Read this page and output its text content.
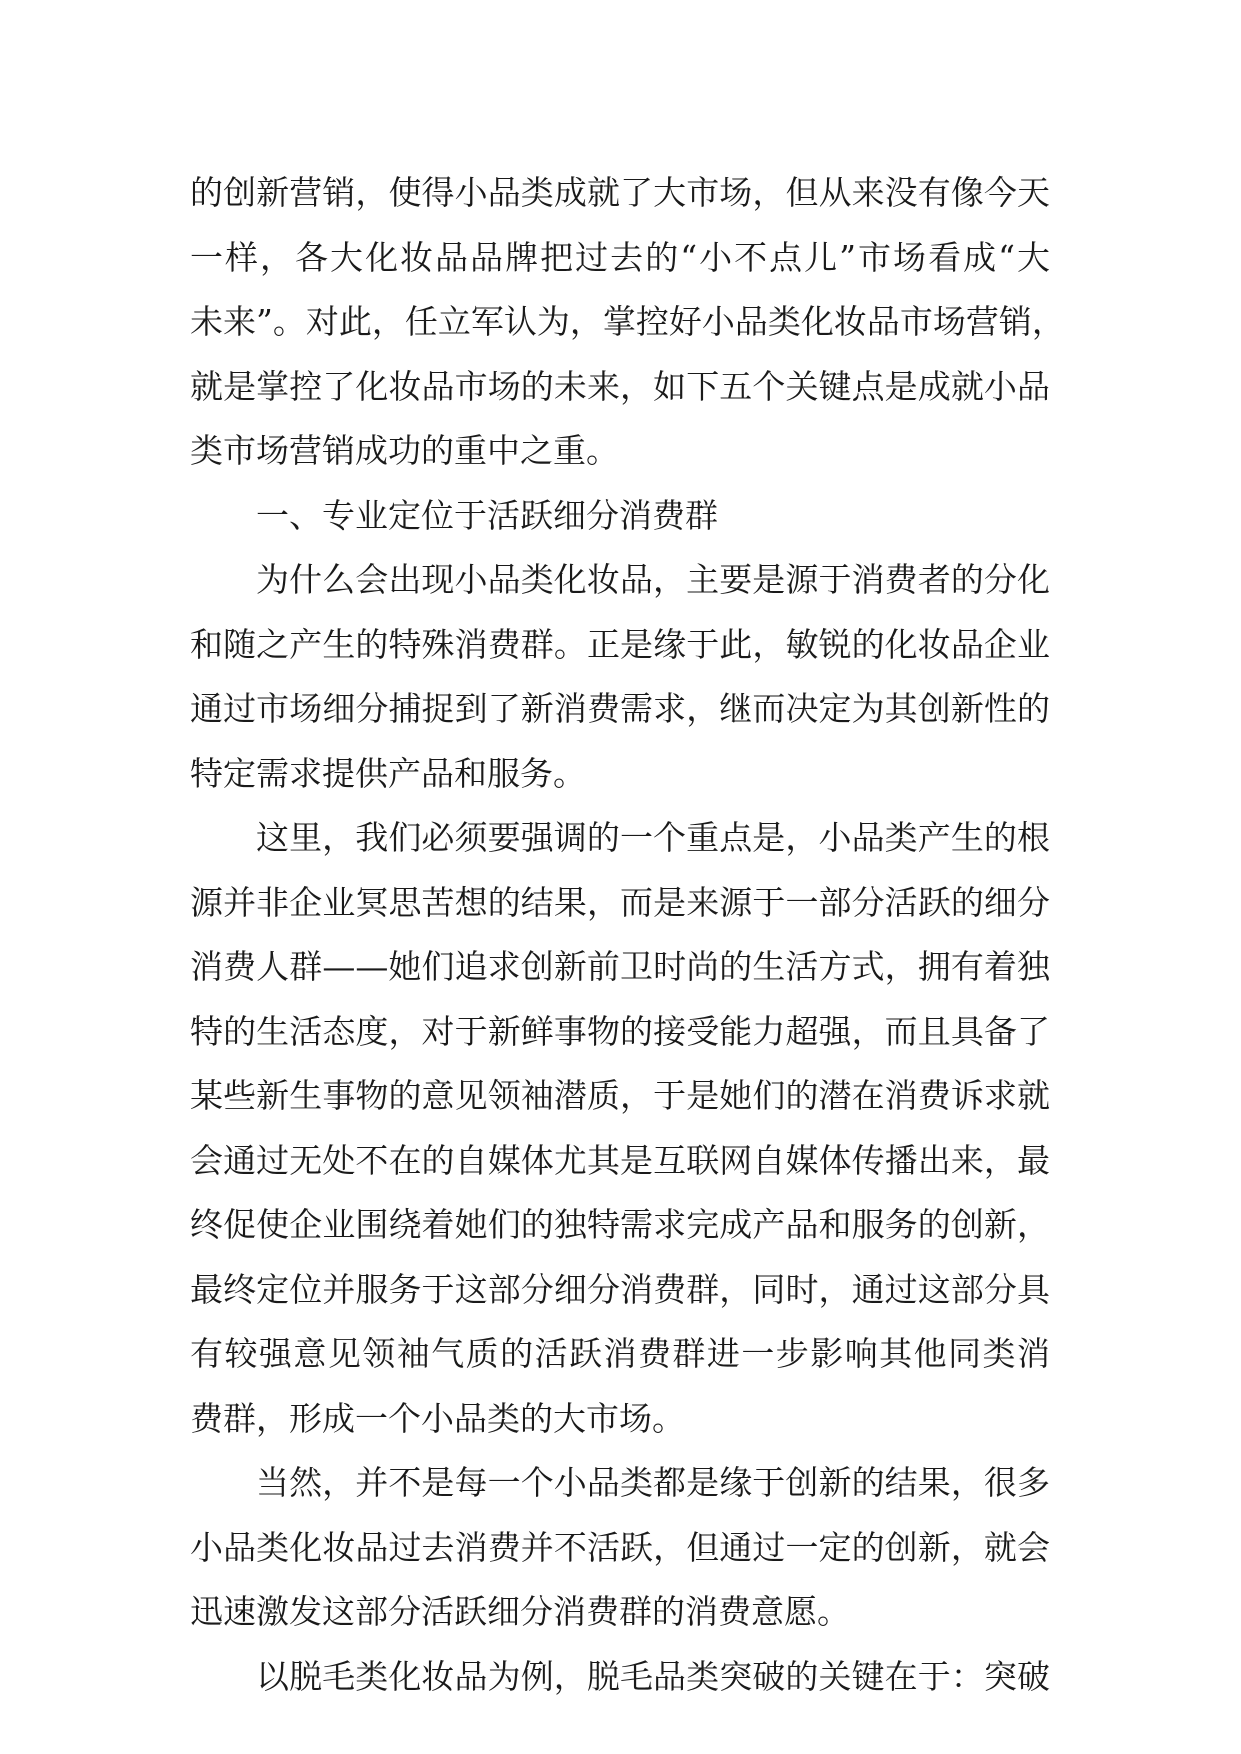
的创新营销，使得小品类成就了大市场，但从来没有像今天
一样，各大化妆品品牌把过去的“小不点儿”市场看成“大
未来”。对此，任立军认为，掌控好小品类化妆品市场营销，
就是掌控了化妆品市场的未来，如下五个关键点是成就小品
类市场营销成功的重中之重。
一、专业定位于活跃细分消费群
为什么会出现小品类化妆品，主要是源于消费者的分化
和随之产生的特殊消费群。正是缘于此，敏锐的化妆品企业
通过市场细分捕捉到了新消费需求，继而决定为其创新性的
特定需求提供产品和服务。
这里，我们必须要强调的一个重点是，小品类产生的根
源并非企业冥思苦想的结果，而是来源于一部分活跃的细分
消费人群——她们追求创新前卫时尚的生活方式，拥有着独
特的生活态度，对于新鲜事物的接受能力超强，而且具备了
某些新生事物的意见领袖潜质，于是她们的潜在消费诉求就
会通过无处不在的自媒体尤其是互联网自媒体传播出来，最
终促使企业围绕着她们的独特需求完成产品和服务的创新，
最终定位并服务于这部分细分消费群，同时，通过这部分具
有较强意见领袖气质的活跃消费群进一步影响其他同类消
费群，形成一个小品类的大市场。
当然，并不是每一个小品类都是缘于创新的结果，很多
小品类化妆品过去消费并不活跃，但通过一定的创新，就会
迅速激发这部分活跃细分消费群的消费意愿。
以脱毛类化妆品为例，脱毛品类突破的关键在于：突破
